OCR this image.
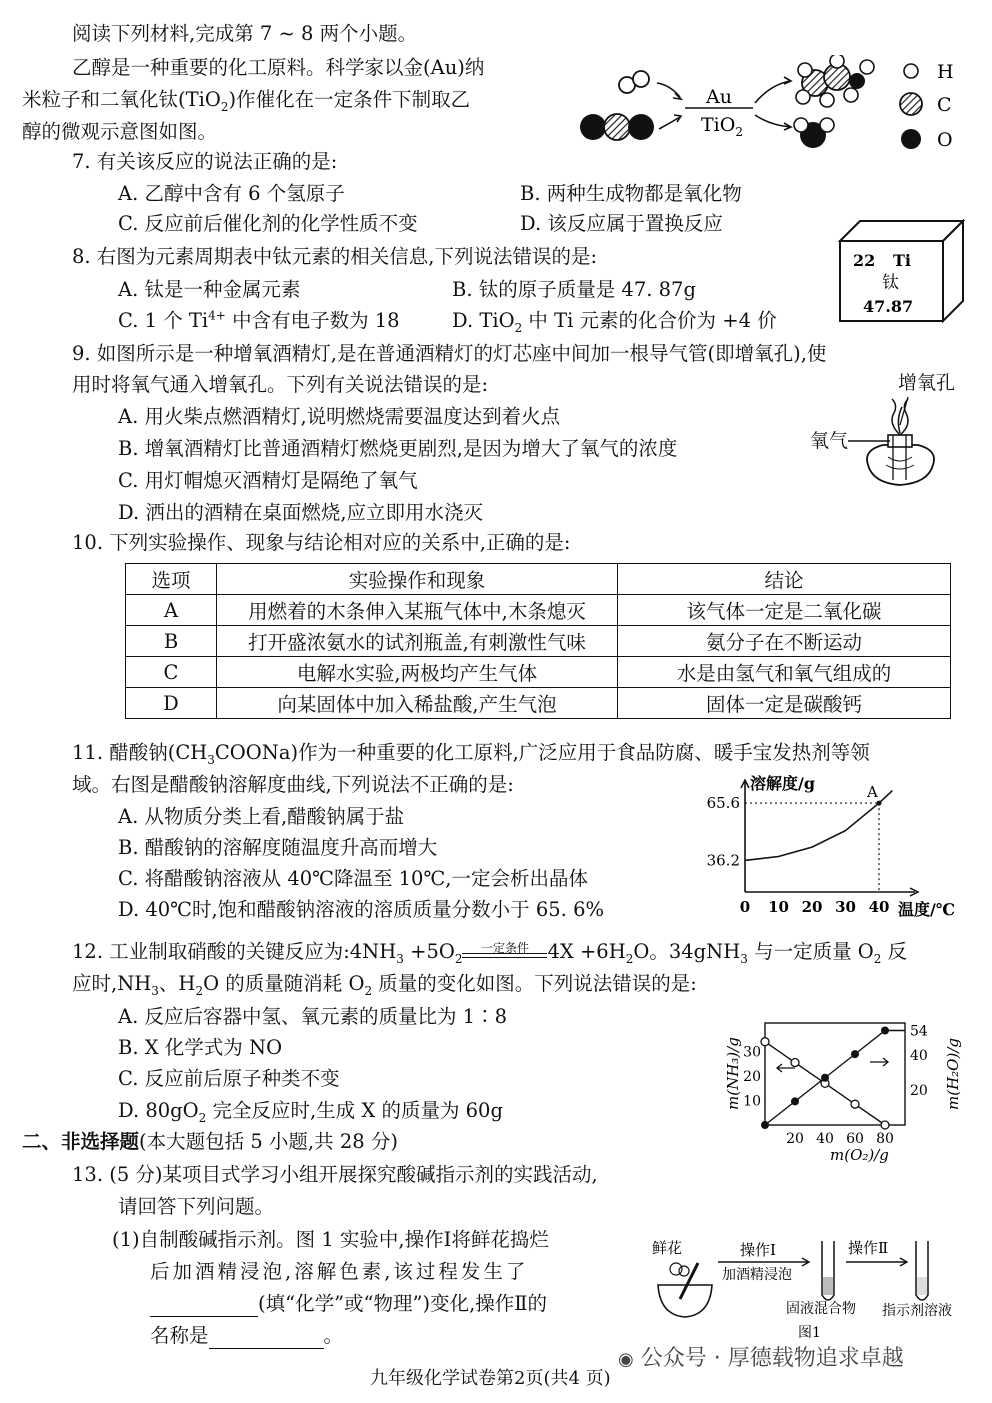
阅读下列材料,完成第 7 ~ 8 两个小题。
乙醇是一种重要的化工原料。科学家以金(Au)纳
米粒子和二氧化钛(TiO$_2$)作催化在一定条件下制取乙
醇的微观示意图如图。
Au
TiO$_2$
H
C
O
7. 有关该反应的说法正确的是:
A. 乙醇中含有 6 个氢原子	B. 两种生成物都是氧化物
C. 反应前后催化剂的化学性质不变	D. 该反应属于置换反应
8. 右图为元素周期表中钛元素的相关信息,下列说法错误的是:
A. 钛是一种金属元素	B. 钛的原子质量是 47. 87g
C. 1 个 $Ti^{4+}$ 中含有电子数为 18	D. TiO$_2$ 中 Ti 元素的化合价为 +4 价
22 Ti
钛
47.87
9. 如图所示是一种增氧酒精灯,是在普通酒精灯的灯芯座中间加一根导气管(即增氧孔),使
用时将氧气通入增氧孔。下列有关说法错误的是:
A. 用火柴点燃酒精灯,说明燃烧需要温度达到着火点
B. 增氧酒精灯比普通酒精灯燃烧更剧烈,是因为增大了氧气的浓度
C. 用灯帽熄灭酒精灯是隔绝了氧气
D. 洒出的酒精在桌面燃烧,应立即用水浇灭
增氧孔
氧气
10. 下列实验操作、现象与结论相对应的关系中,正确的是:
选项	实验操作和现象	结论
A	用燃着的木条伸入某瓶气体中,木条熄灭	该气体一定是二氧化碳
B	打开盛浓氨水的试剂瓶盖,有刺激性气味	氨分子在不断运动
C	电解水实验,两极均产生气体	水是由氢气和氧气组成的
D	向某固体中加入稀盐酸,产生气泡	固体一定是碳酸钙
11. 醋酸钠$(CH_3COONa)$作为一种重要的化工原料,广泛应用于食品防腐、暖手宝发热剂等领
域。右图是醋酸钠溶解度曲线,下列说法不正确的是:
A. 从物质分类上看,醋酸钠属于盐
B. 醋酸钠的溶解度随温度升高而增大
C. 将醋酸钠溶液从 40℃降温至 10℃,一定会析出晶体
D. 40℃时,饱和醋酸钠溶液的溶质质量分数小于 65. 6%
溶解度/g
温度/℃
0 10 20 30 40
36.2
65.6
A
12. 工业制取硝酸的关键反应为$:4NH_3 +5O_2$
一定条件 $4X +6H_2O$。34gNH$_3$ 与一定质量 $O_2$ 反
应时$,NH_3$、$H_2O$ 的质量随消耗 $O_2$ 质量的变化如图。下列说法错误的是:
A. 反应后容器中氢、氧元素的质量比为 1∶8
B. X 化学式为 NO
C. 反应前后原子种类不变
D. $80gO_2$ 完全反应时,生成 X 的质量为 60g
m(NH₃)/g	m(H₂O)/g
m(O₂)/g
20 40 60 80
10
20
30
20
40
54
二、非选择题(本大题包括 5 小题,共 28 分)
13. (5 分)某项目式学习小组开展探究酸碱指示剂的实践活动,
请回答下列问题。
(1)自制酸碱指示剂。图 1 实验中,操作Ⅰ将鲜花捣烂
后加酒精浸泡,溶解色素,该过程发生了
(填“化学”或“物理”)变化,操作Ⅱ的
名称是	。
鲜花	操作Ⅰ
加酒精浸泡
操作Ⅱ
固液混合物 指示剂溶液
图1
九年级化学试卷第2页(共4 页)
◉ 公众号 · 厚德载物追求卓越
